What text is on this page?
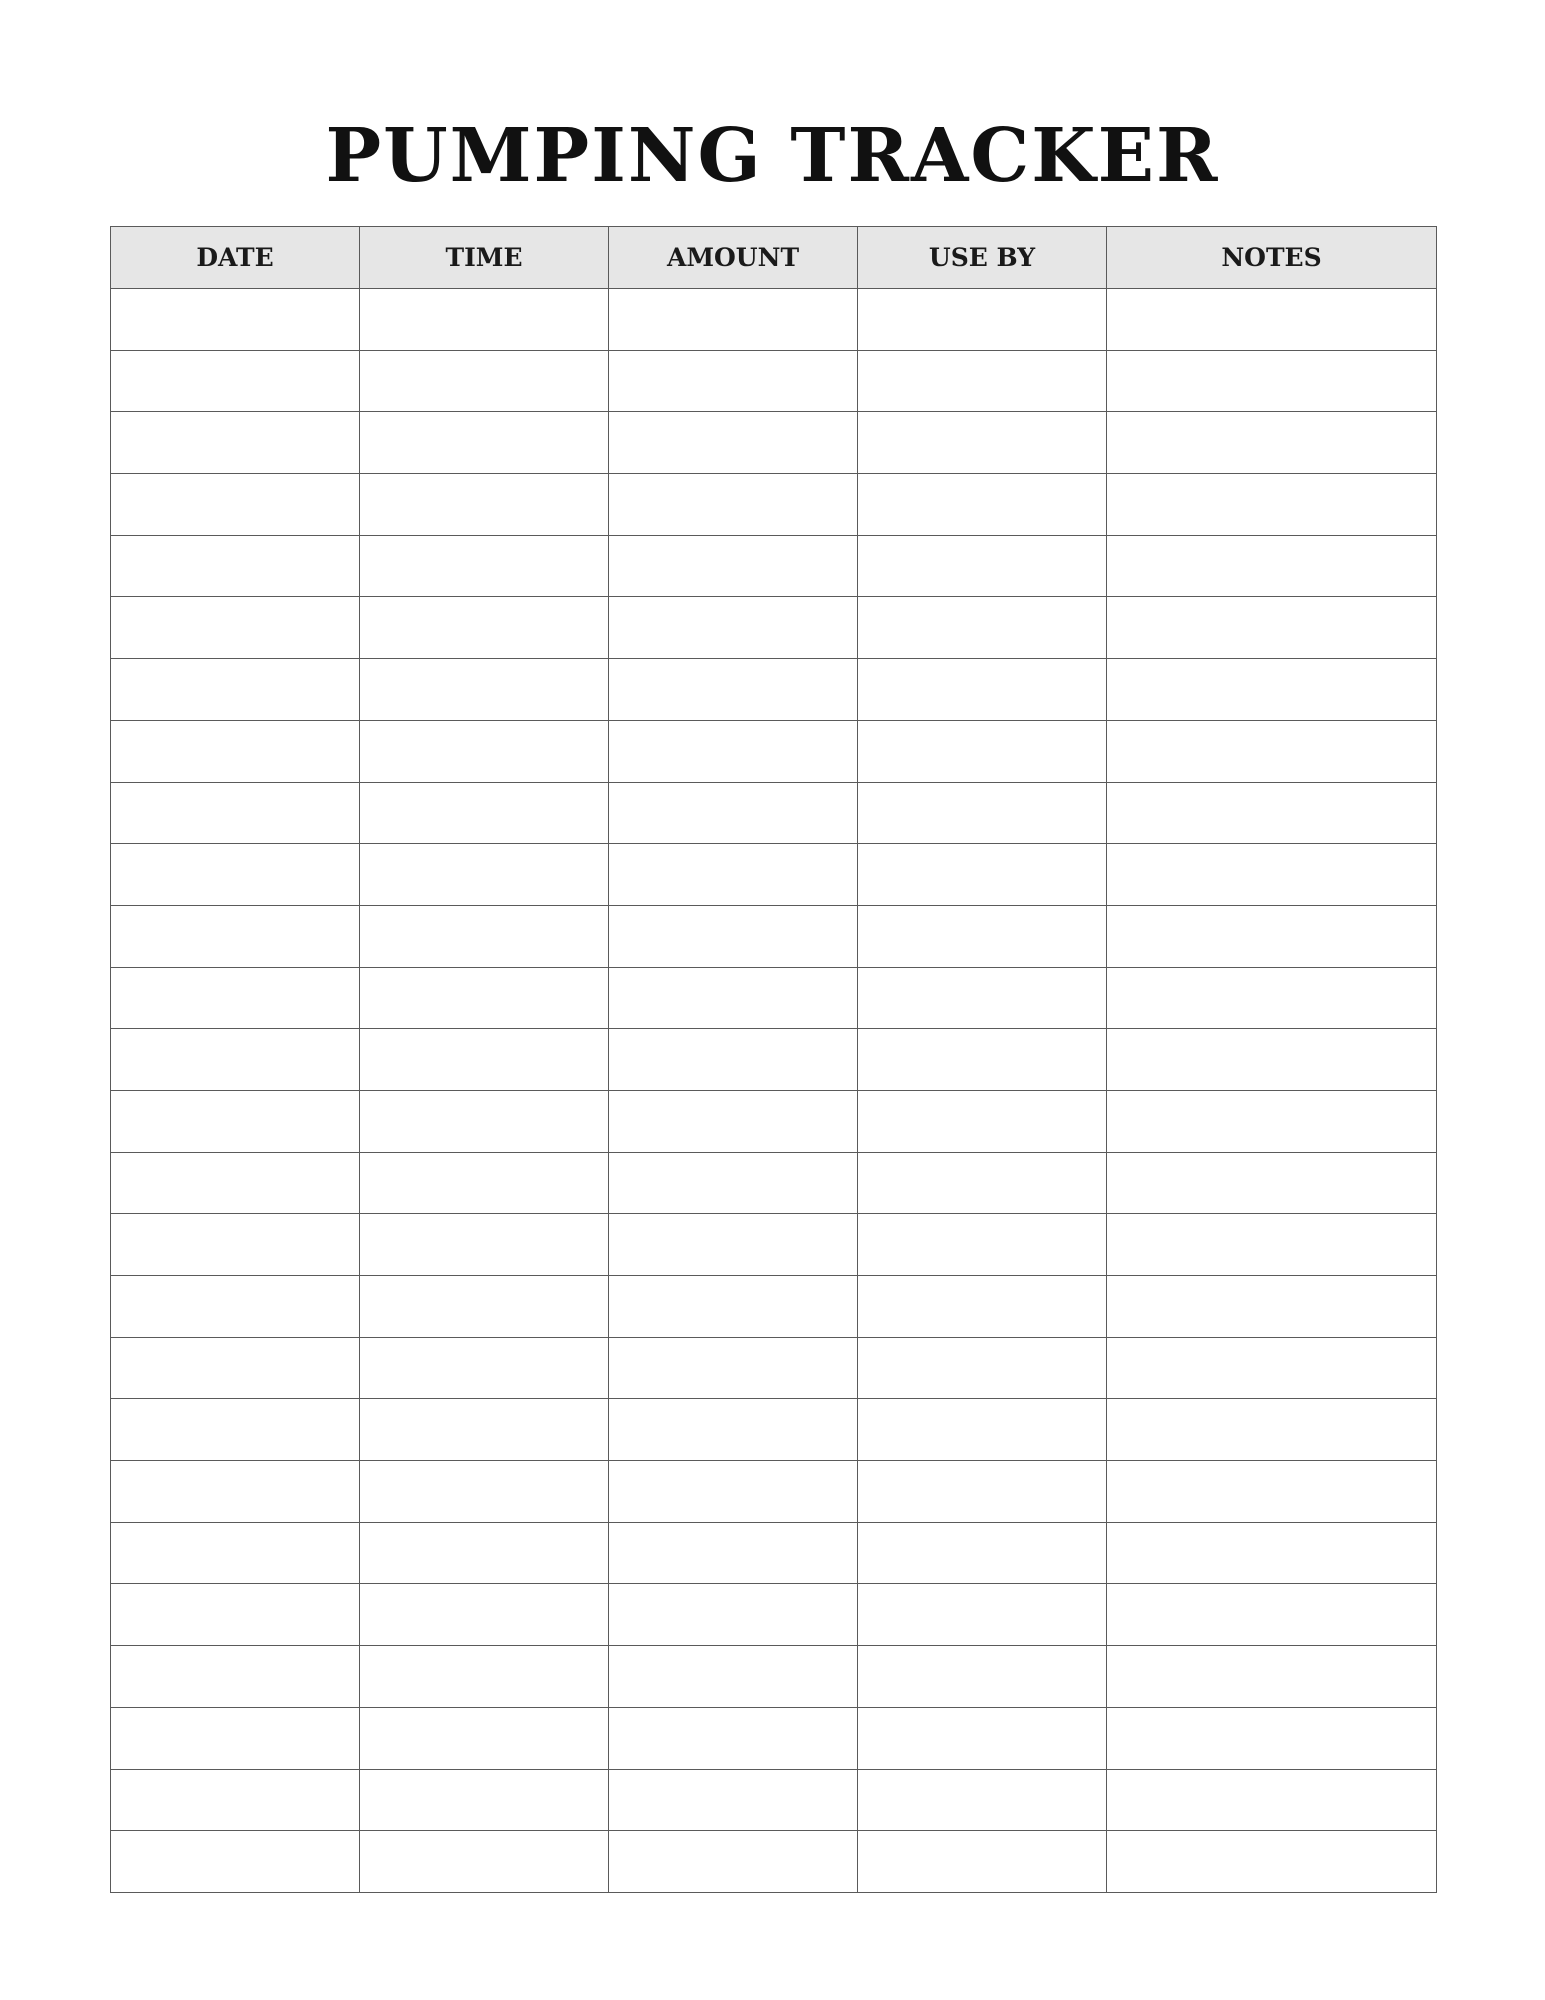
PUMPING TRACKER
DATE	TIME	AMOUNT	USE BY	NOTES
